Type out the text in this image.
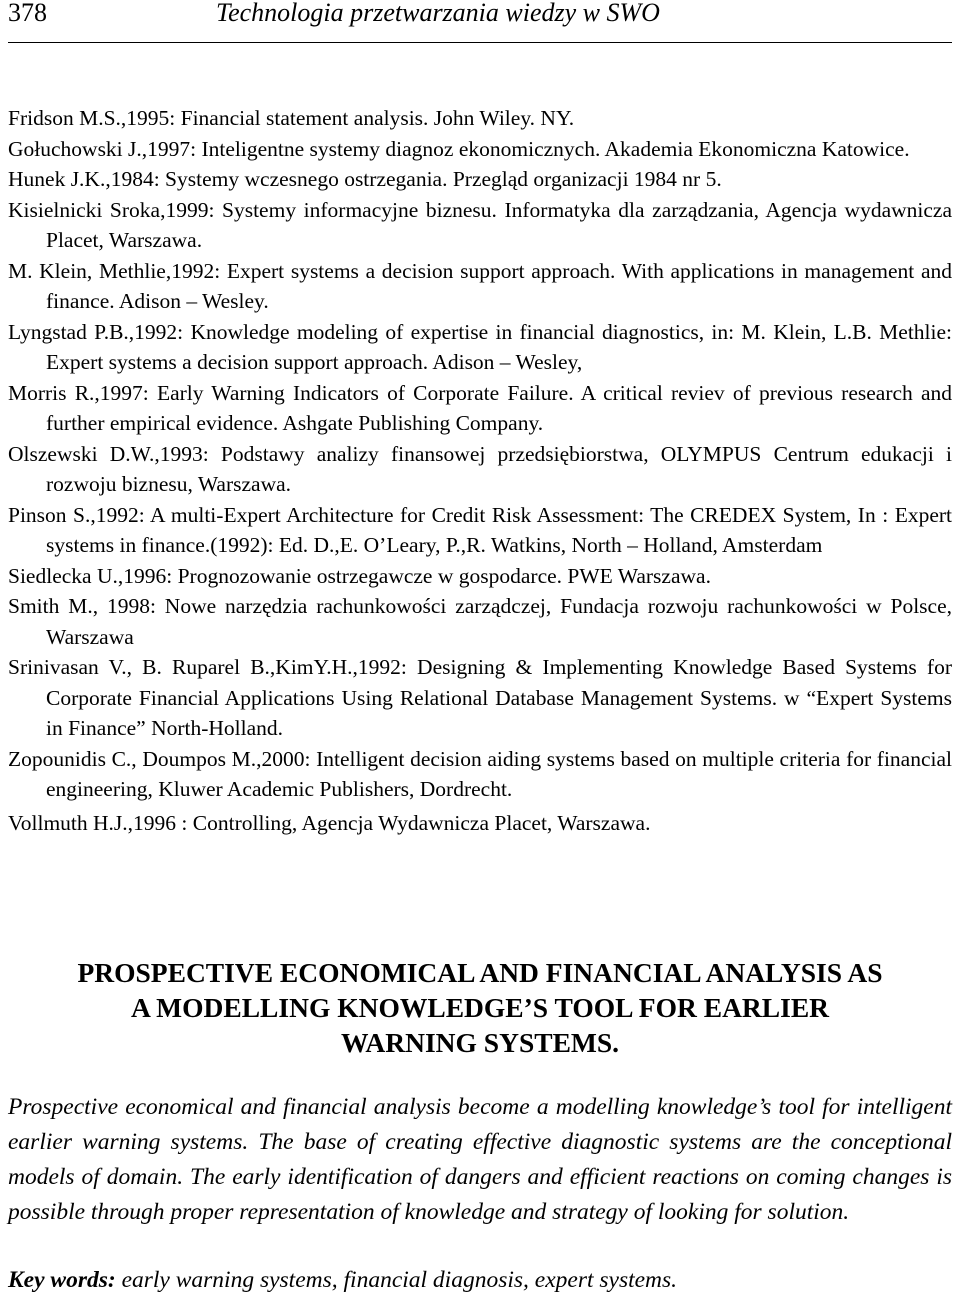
378	Technologia przetwarzania wiedzy w SWO
Fridson M.S.,1995: Financial statement analysis. John Wiley. NY.
Gołuchowski J.,1997: Inteligentne systemy diagnoz ekonomicznych. Akademia Ekonomiczna Katowice.
Hunek J.K.,1984: Systemy wczesnego ostrzegania. Przegląd organizacji 1984 nr 5.
Kisielnicki Sroka,1999: Systemy informacyjne biznesu. Informatyka dla zarządzania, Agencja wydawnicza Placet, Warszawa.
M. Klein, Methlie,1992: Expert systems a decision support approach. With applications in management and finance. Adison – Wesley.
Lyngstad P.B.,1992: Knowledge modeling of expertise in financial diagnostics, in: M. Klein, L.B. Methlie: Expert systems a decision support approach. Adison – Wesley,
Morris R.,1997: Early Warning Indicators of Corporate Failure. A critical reviev of previous research and further empirical evidence. Ashgate Publishing Company.
Olszewski D.W.,1993: Podstawy analizy finansowej przedsiębiorstwa, OLYMPUS Centrum edukacji i rozwoju biznesu, Warszawa.
Pinson S.,1992: A multi-Expert Architecture for Credit Risk Assessment: The CREDEX System, In : Expert systems in finance.(1992): Ed. D.,E. O’Leary, P.,R. Watkins, North – Holland, Amsterdam
Siedlecka U.,1996: Prognozowanie ostrzegawcze w gospodarce. PWE Warszawa.
Smith M., 1998: Nowe narzędzia rachunkowości zarządczej, Fundacja rozwoju rachunkowości w Polsce, Warszawa
Srinivasan V., B. Ruparel B.,KimY.H.,1992: Designing & Implementing Knowledge Based Systems for Corporate Financial Applications Using Relational Database Management Systems. w “Expert Systems in Finance” North-Holland.
Zopounidis C., Doumpos M.,2000: Intelligent decision aiding systems based on multiple criteria for financial engineering, Kluwer Academic Publishers, Dordrecht.
Vollmuth H.J.,1996 : Controlling, Agencja Wydawnicza Placet, Warszawa.
PROSPECTIVE ECONOMICAL AND FINANCIAL ANALYSIS AS
A MODELLING KNOWLEDGE’S TOOL FOR EARLIER
WARNING SYSTEMS.
Prospective economical and financial analysis become a modelling knowledge’s tool for intelligent earlier warning systems. The base of creating effective diagnostic systems are the conceptional models of domain. The early identification of dangers and efficient reactions on coming changes is possible through proper representation of knowledge and strategy of looking for solution.
Key words: early warning systems, financial diagnosis, expert systems.
